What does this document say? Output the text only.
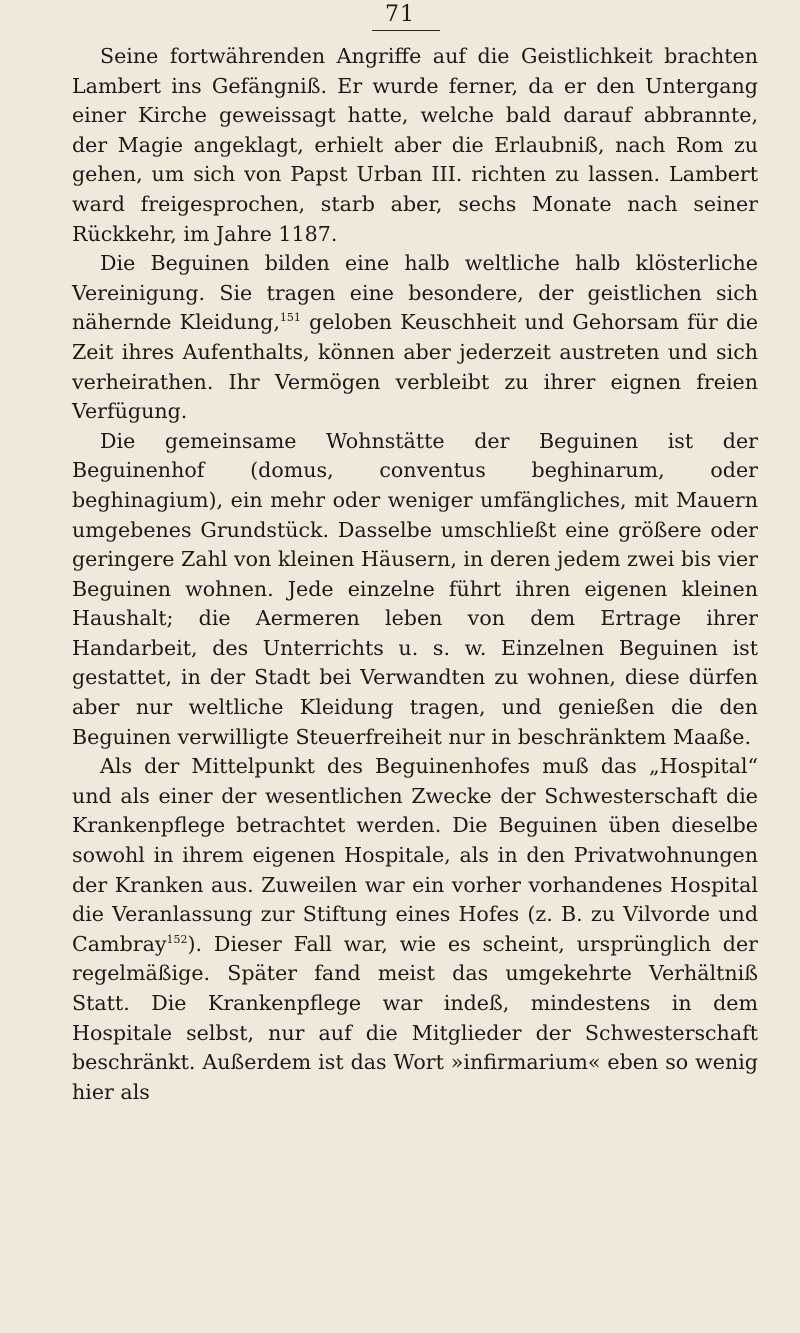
71

Seine fortwährenden Angriffe auf die Geistlichkeit brachten Lambert ins Gefängniß. Er wurde ferner, da er den Untergang einer Kirche geweissagt hatte, welche bald darauf abbrannte, der Magie angeklagt, erhielt aber die Erlaubniß, nach Rom zu gehen, um sich von Papst Urban III. richten zu lassen. Lambert ward freigesprochen, starb aber, sechs Monate nach seiner Rückkehr, im Jahre 1187.

Die Beguinen bilden eine halb weltliche halb klösterliche Vereinigung. Sie tragen eine besondere, der geistlichen sich nähernde Kleidung,$^{151}$ geloben Keuschheit und Gehorsam für die Zeit ihres Aufenthalts, können aber jederzeit austreten und sich verheirathen. Ihr Vermögen verbleibt zu ihrer eignen freien Verfügung.

Die gemeinsame Wohnstätte der Beguinen ist der Beguinenhof (domus, conventus beghinarum, oder beghinagium), ein mehr oder weniger umfängliches, mit Mauern umgebenes Grundstück. Dasselbe umschließt eine größere oder geringere Zahl von kleinen Häusern, in deren jedem zwei bis vier Beguinen wohnen. Jede einzelne führt ihren eigenen kleinen Haushalt; die Aermeren leben von dem Ertrage ihrer Handarbeit, des Unterrichts u. s. w. Einzelnen Beguinen ist gestattet, in der Stadt bei Verwandten zu wohnen, diese dürfen aber nur weltliche Kleidung tragen, und genießen die den Beguinen verwilligte Steuerfreiheit nur in beschränktem Maaße.

Als der Mittelpunkt des Beguinenhofes muß das „Hospital“ und als einer der wesentlichen Zwecke der Schwesterschaft die Krankenpflege betrachtet werden. Die Beguinen üben dieselbe sowohl in ihrem eigenen Hospitale, als in den Privatwohnungen der Kranken aus. Zuweilen war ein vorher vorhandenes Hospital die Veranlassung zur Stiftung eines Hofes (z. B. zu Vilvorde und Cambray$^{152}$). Dieser Fall war, wie es scheint, ursprünglich der regelmäßige. Später fand meist das umgekehrte Verhältniß Statt. Die Krankenpflege war indeß, mindestens in dem Hospitale selbst, nur auf die Mitglieder der Schwesterschaft beschränkt. Außerdem ist das Wort »infirmarium« eben so wenig hier als
